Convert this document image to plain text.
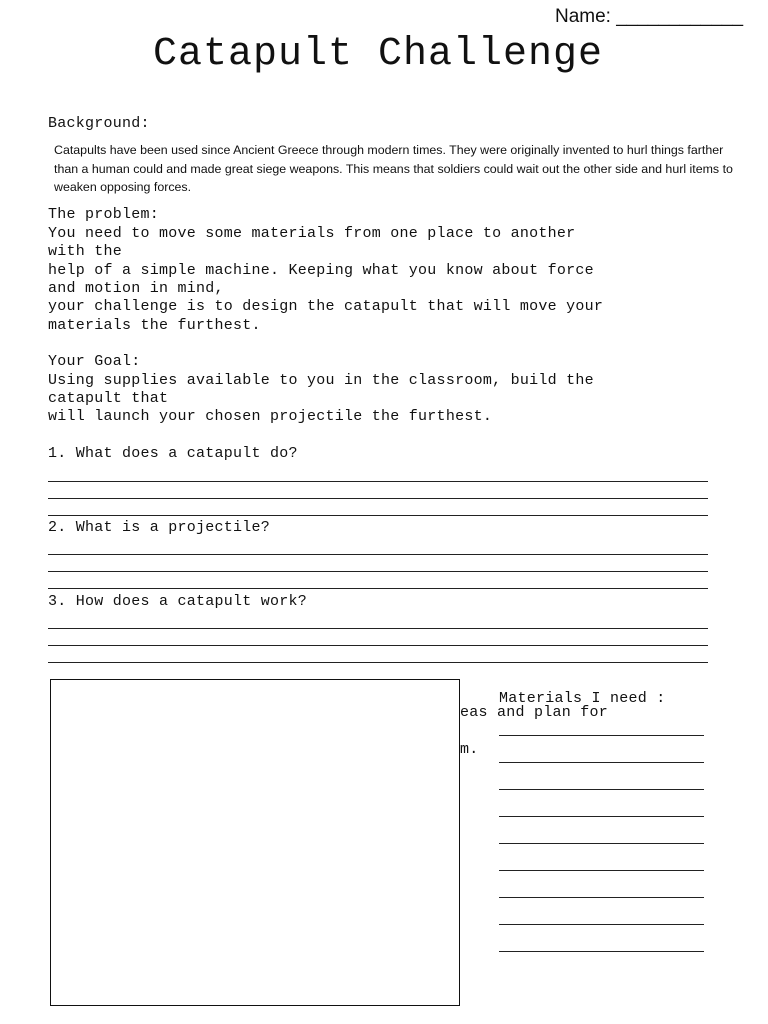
Name: ____________
Catapult Challenge
Background:
Catapults have been used since Ancient Greece through modern times. They were originally invented to hurl things farther than a human could and made great siege weapons. This means that soldiers could wait out the other side and hurl items to weaken opposing forces.
The problem:
You need to move some materials from one place to another
with the
help of a simple machine. Keeping what you know about force
and motion in mind,
your challenge is to design the catapult that will move your
materials the furthest.
Your Goal:
Using supplies available to you in the classroom, build the
catapult that
will launch your chosen projectile the furthest.
1. What does a catapult do?
2. What is a projectile?
3. How does a catapult work?

eas and plan for

m.

Materials I need :
